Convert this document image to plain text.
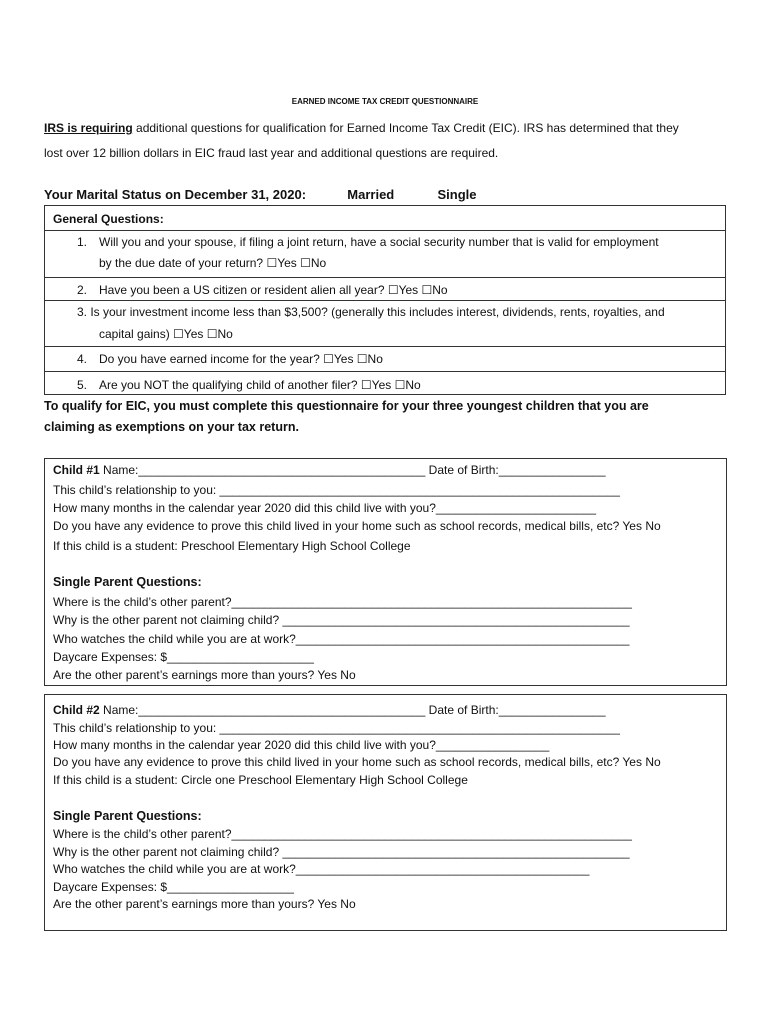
EARNED INCOME TAX CREDIT QUESTIONNAIRE
IRS is requiring additional questions for qualification for Earned Income Tax Credit (EIC). IRS has determined that they
lost over 12 billion dollars in EIC fraud last year and additional questions are required.
Your Marital Status on December 31, 2020:	Married	Single
General Questions:
1. Will you and your spouse, if filing a joint return, have a social security number that is valid for employment
by the due date of your return? ☐Yes ☐No
2. Have you been a US citizen or resident alien all year? ☐Yes ☐No
3. Is your investment income less than $3,500? (generally this includes interest, dividends, rents, royalties, and
capital gains) ☐Yes ☐No
4. Do you have earned income for the year? ☐Yes ☐No
5. Are you NOT the qualifying child of another filer? ☐Yes ☐No
To qualify for EIC, you must complete this questionnaire for your three youngest children that you are
claiming as exemptions on your tax return.
Child #1 Name:___________________________________________ Date of Birth:________________
This child’s relationship to you: ____________________________________________________________
How many months in the calendar year 2020 did this child live with you?________________________
Do you have any evidence to prove this child lived in your home such as school records, medical bills, etc? Yes No
If this child is a student: Preschool Elementary High School College
Single Parent Questions:
Where is the child’s other parent?____________________________________________________________
Why is the other parent not claiming child? ____________________________________________________
Who watches the child while you are at work?__________________________________________________
Daycare Expenses: $______________________
Are the other parent’s earnings more than yours? Yes No
Child #2 Name:___________________________________________ Date of Birth:________________
This child’s relationship to you: ____________________________________________________________
How many months in the calendar year 2020 did this child live with you?_________________
Do you have any evidence to prove this child lived in your home such as school records, medical bills, etc? Yes No
If this child is a student: Circle one Preschool Elementary High School College
Single Parent Questions:
Where is the child’s other parent?____________________________________________________________
Why is the other parent not claiming child? ____________________________________________________
Who watches the child while you are at work?____________________________________________
Daycare Expenses: $___________________
Are the other parent’s earnings more than yours? Yes No
